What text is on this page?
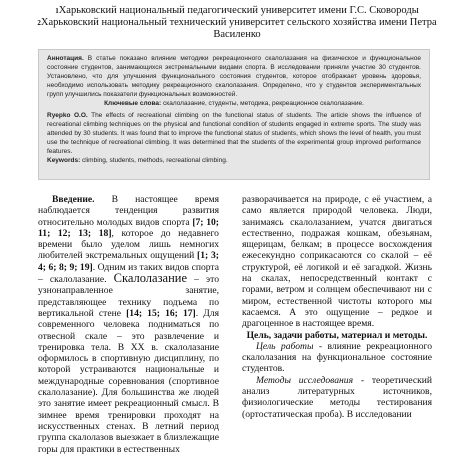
$^1$Харьковский национальный педагогический университет имени Г.С. Сковороды
$^2$Харьковский национальный технический университет сельского хозяйства имени Петра
Василенко

Аннотация. В статье показано влияние методики рекреационного скалолазания на физическое и функциональное состояние студентов, занимающихся экстремальными видами спорта. В исследовании приняли участие 30 студентов. Установлено, что для улучшения функционального состояния студентов, которое отображает уровень здоровья, необходимо использовать методику рекреационного скалолазания. Определено, что у студентов экспериментальных групп улучшились показатели функциональных возможностей.

Ключевые слова: скалолазание, студенты, методика, рекреационное скалолазание.

Ryepko O.O. The effects of recreational climbing on the functional status of students. The article shows the influence of recreational climbing techniques on the physical and functional condition of students engaged in extreme sports. The study was attended by 30 students. It was found that to improve the functional status of students, which shows the level of health, you must use the technique of recreational climbing. It was determined that the students of the experimental group improved performance features.

Keywords: climbing, students, methods, recreational climbing.

Введение. В настоящее время наблюдается тенденция развития относительно молодых видов спорта [7; 10; 11; 12; 13; 18], которое до недавнего времени было уделом лишь немногих любителей экстремальных ощущений [1; 3; 4; 6; 8; 9; 19]. Одним из таких видов спорта – скалолазание. Скалолазание – это узнонаправленное занятие, представляющее технику подъема по вертикальной стене [14; 15; 16; 17]. Для современного человека подниматься по отвесной скале – это развлечение и тренировка тела. В XX в. скалолазание оформилось в спортивную дисциплину, по которой устраиваются национальные и международные соревнования (спортивное скалолазание). Для большинства же людей это занятие имеет рекреационный смысл. В зимнее время тренировки проходят на искусственных стенах. В летний период группа скалолазов выезжает в близлежащие горы для практики в естественных

разворачивается на природе, с её участием, а само является природой человека. Люди, занимаясь скалолазанием, учатся двигаться естественно, подражая кошкам, обезьянам, ящерицам, белкам; в процессе восхождения ежесекундно соприкасаются со скалой – её структурой, её логикой и её загадкой. Жизнь на скалах, непосредственный контакт с горами, ветром и солнцем обеспечивают ни с миром, естественной чистоты которого мы касаемся. А это ощущение – редкое и драгоценное в настоящее время.

Цель, задачи работы, материал и методы.

Цель работы - влияние рекреационного скалолазания на функциональное состояние студентов.

Методы исследования - теоретический анализ литературных источников, физиологические методы тестирования (ортостатическая проба). В исследовании
